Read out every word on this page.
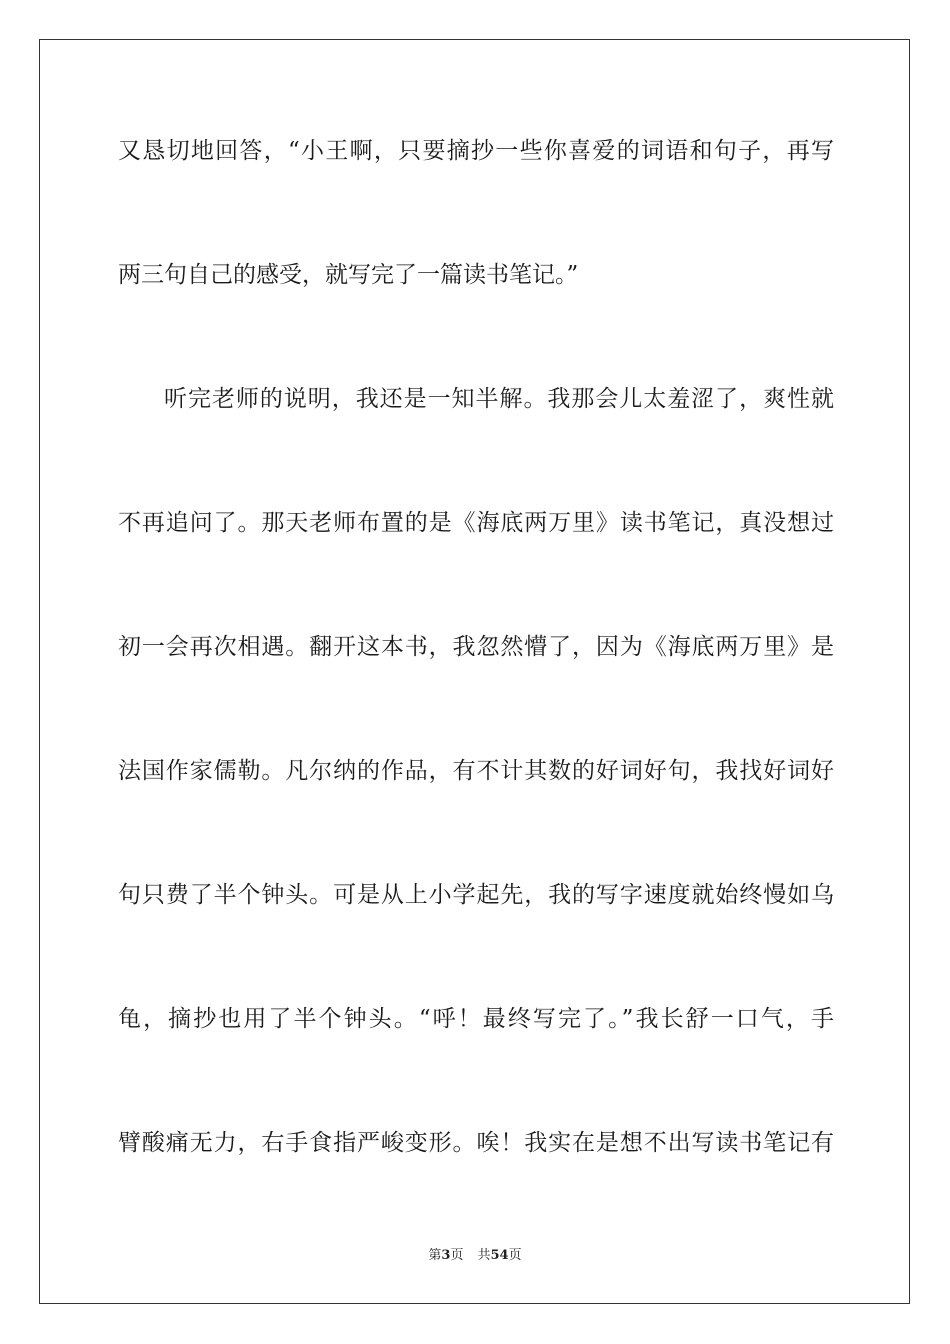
又恳切地回答，“小王啊，只要摘抄一些你喜爱的词语和句子，再写
两三句自己的感受，就写完了一篇读书笔记。”
听完老师的说明，我还是一知半解。我那会儿太羞涩了，爽性就
不再追问了。那天老师布置的是《海底两万里》读书笔记，真没想过
初一会再次相遇。翻开这本书，我忽然懵了，因为《海底两万里》是
法国作家儒勒。凡尔纳的作品，有不计其数的好词好句，我找好词好
句只费了半个钟头。可是从上小学起先，我的写字速度就始终慢如乌
龟，摘抄也用了半个钟头。“呼！最终写完了。”我长舒一口气，手
臂酸痛无力，右手食指严峻变形。唉！我实在是想不出写读书笔记有
第3页 共54页
